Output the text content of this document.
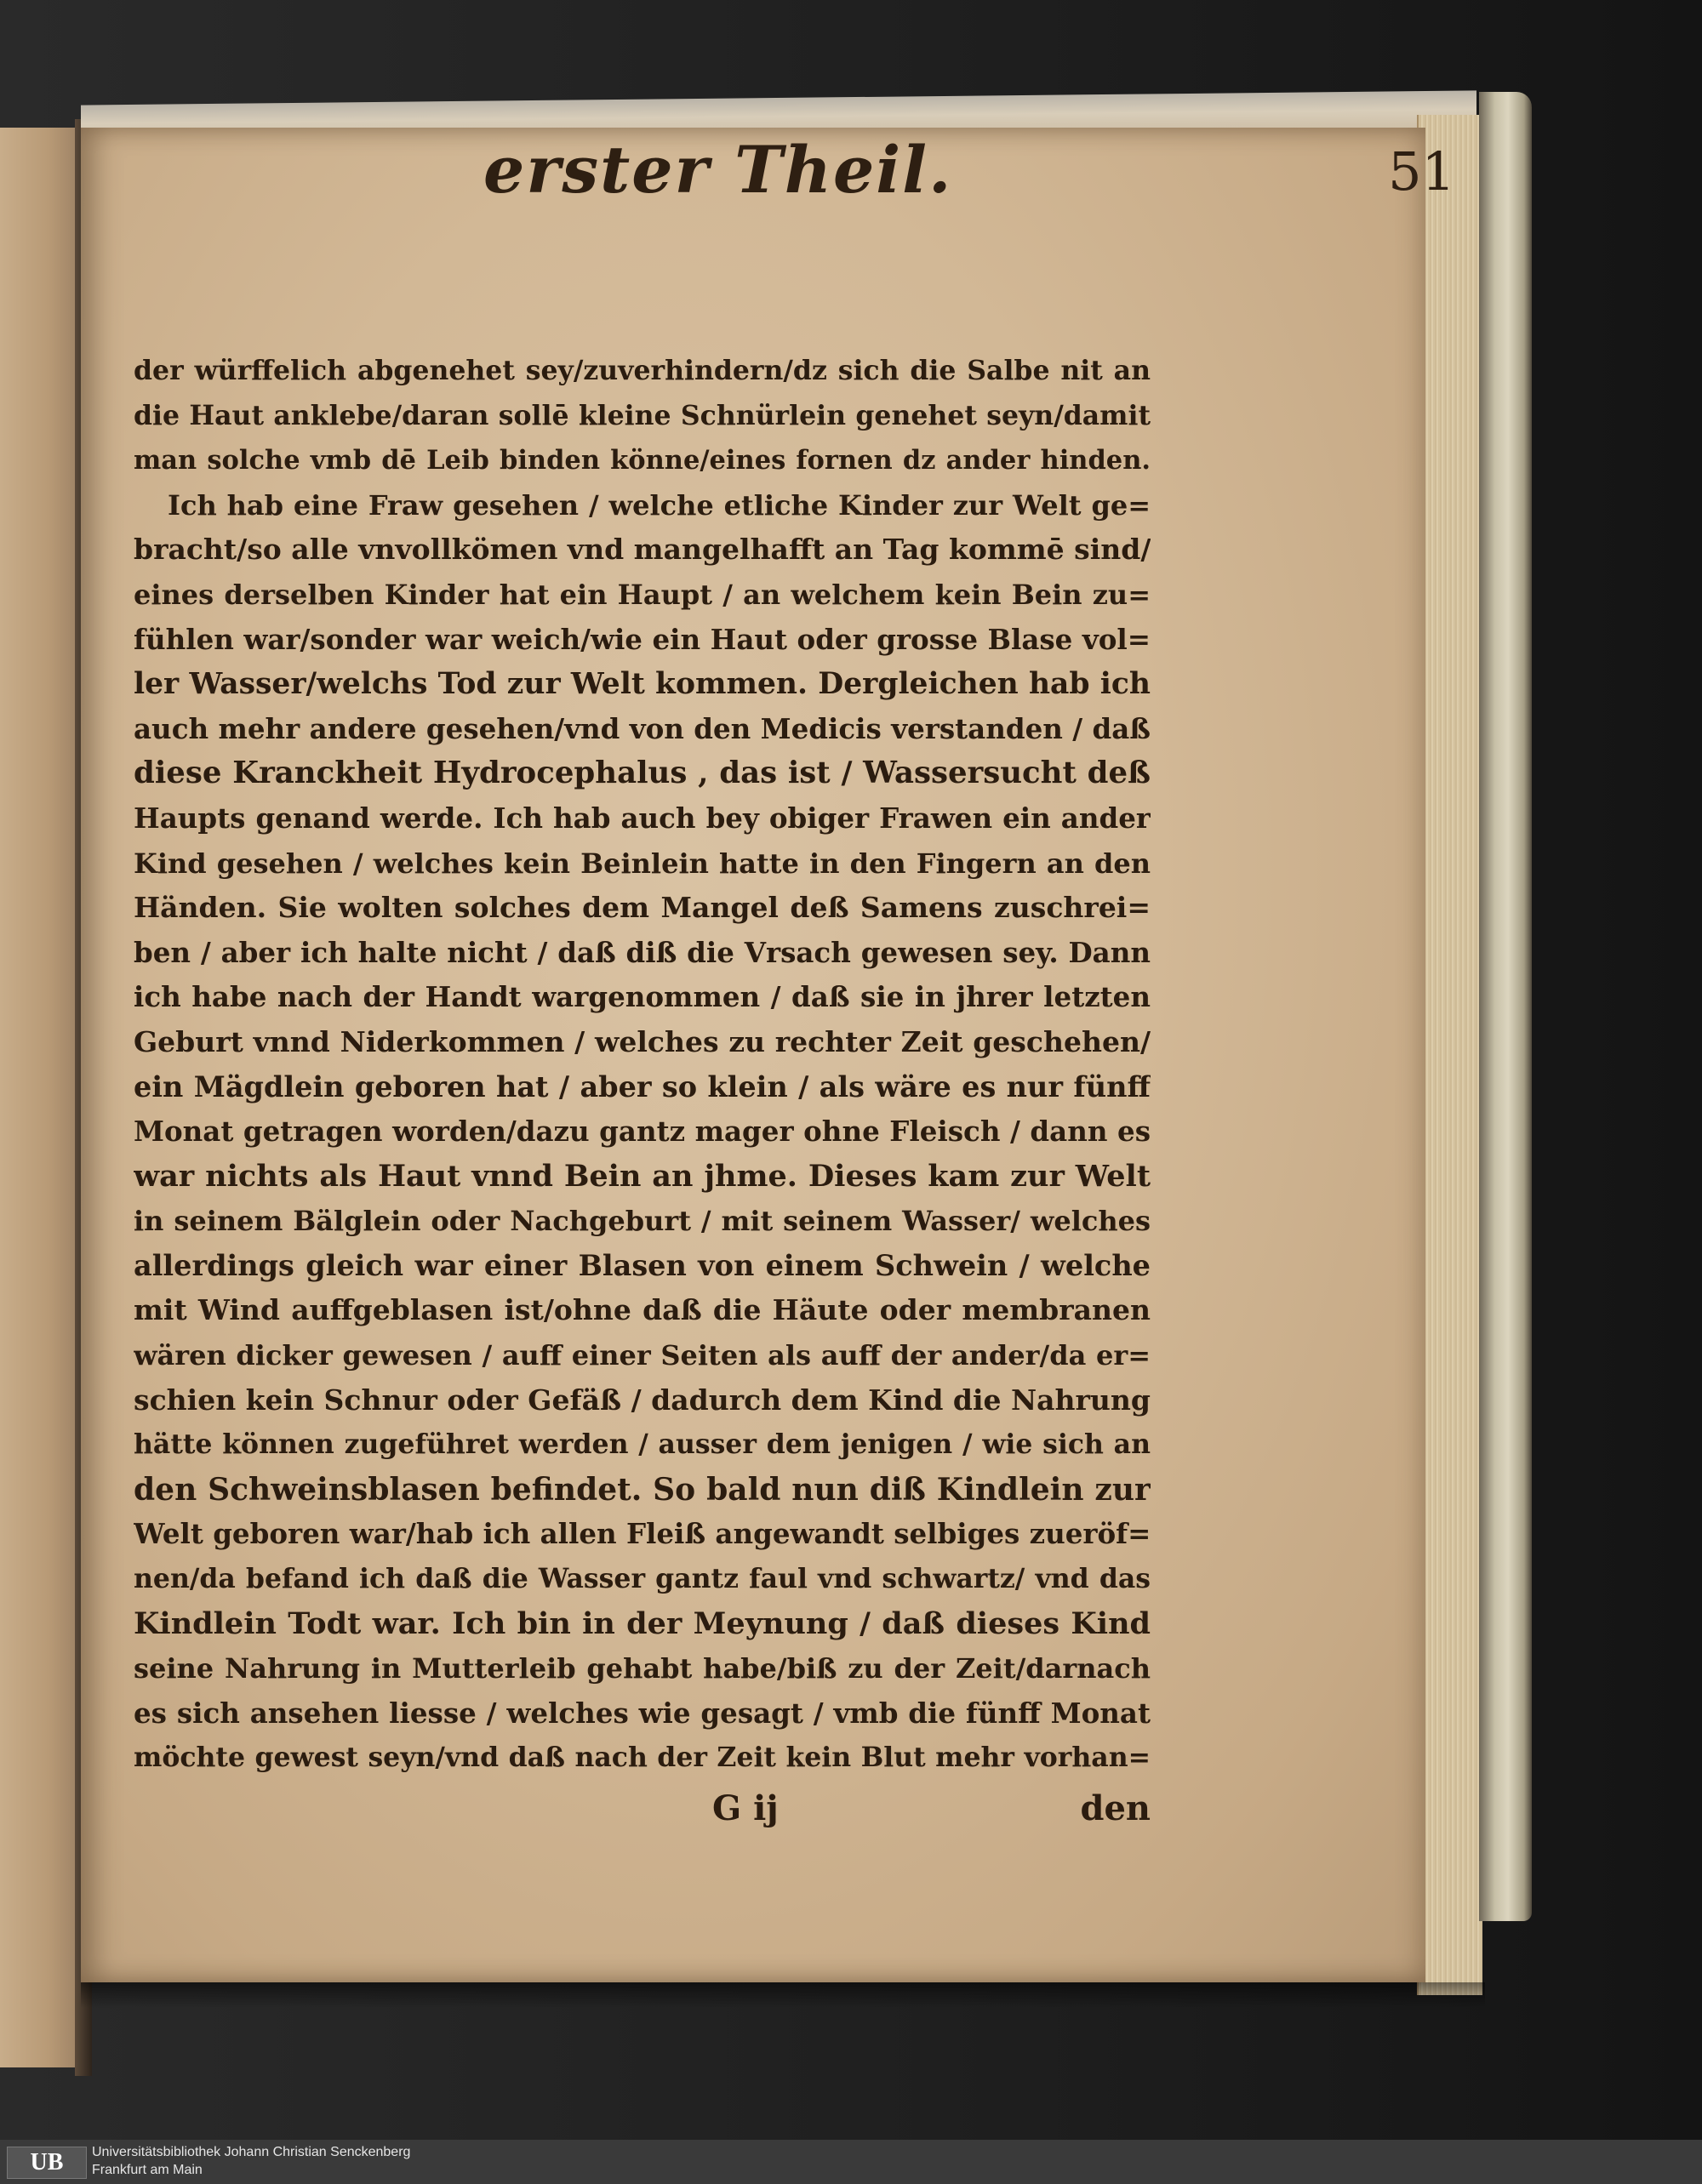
erster Theil.	51
der würffelich abgenehet sey/zuverhindern/dz sich die Salbe nit an
die Haut anklebe/daran sollē kleine Schnürlein genehet seyn/damit
man solche vmb dē Leib binden könne/eines fornen dz ander hinden.
Ich hab eine Fraw gesehen / welche etliche Kinder zur Welt ge=
bracht/so alle vnvollkömen vnd mangelhafft an Tag kommē sind/
eines derselben Kinder hat ein Haupt / an welchem kein Bein zu=
fühlen war/sonder war weich/wie ein Haut oder grosse Blase vol=
ler Wasser/welchs Tod zur Welt kommen. Dergleichen hab ich
auch mehr andere gesehen/vnd von den Medicis verstanden / daß
diese Kranckheit Hydrocephalus , das ist / Wassersucht deß
Haupts genand werde. Ich hab auch bey obiger Frawen ein ander
Kind gesehen / welches kein Beinlein hatte in den Fingern an den
Händen. Sie wolten solches dem Mangel deß Samens zuschrei=
ben / aber ich halte nicht / daß diß die Vrsach gewesen sey. Dann
ich habe nach der Handt wargenommen / daß sie in jhrer letzten
Geburt vnnd Niderkommen / welches zu rechter Zeit geschehen/
ein Mägdlein geboren hat / aber so klein / als wäre es nur fünff
Monat getragen worden/dazu gantz mager ohne Fleisch / dann es
war nichts als Haut vnnd Bein an jhme. Dieses kam zur Welt
in seinem Bälglein oder Nachgeburt / mit seinem Wasser/ welches
allerdings gleich war einer Blasen von einem Schwein / welche
mit Wind auffgeblasen ist/ohne daß die Häute oder membranen
wären dicker gewesen / auff einer Seiten als auff der ander/da er=
schien kein Schnur oder Gefäß / dadurch dem Kind die Nahrung
hätte können zugeführet werden / ausser dem jenigen / wie sich an
den Schweinsblasen befindet. So bald nun diß Kindlein zur
Welt geboren war/hab ich allen Fleiß angewandt selbiges zueröf=
nen/da befand ich daß die Wasser gantz faul vnd schwartz/ vnd das
Kindlein Todt war. Ich bin in der Meynung / daß dieses Kind
seine Nahrung in Mutterleib gehabt habe/biß zu der Zeit/darnach
es sich ansehen liesse / welches wie gesagt / vmb die fünff Monat
möchte gewest seyn/vnd daß nach der Zeit kein Blut mehr vorhan=
G ij	den
UB	Universitätsbibliothek Johann Christian Senckenberg
Frankfurt am Main
